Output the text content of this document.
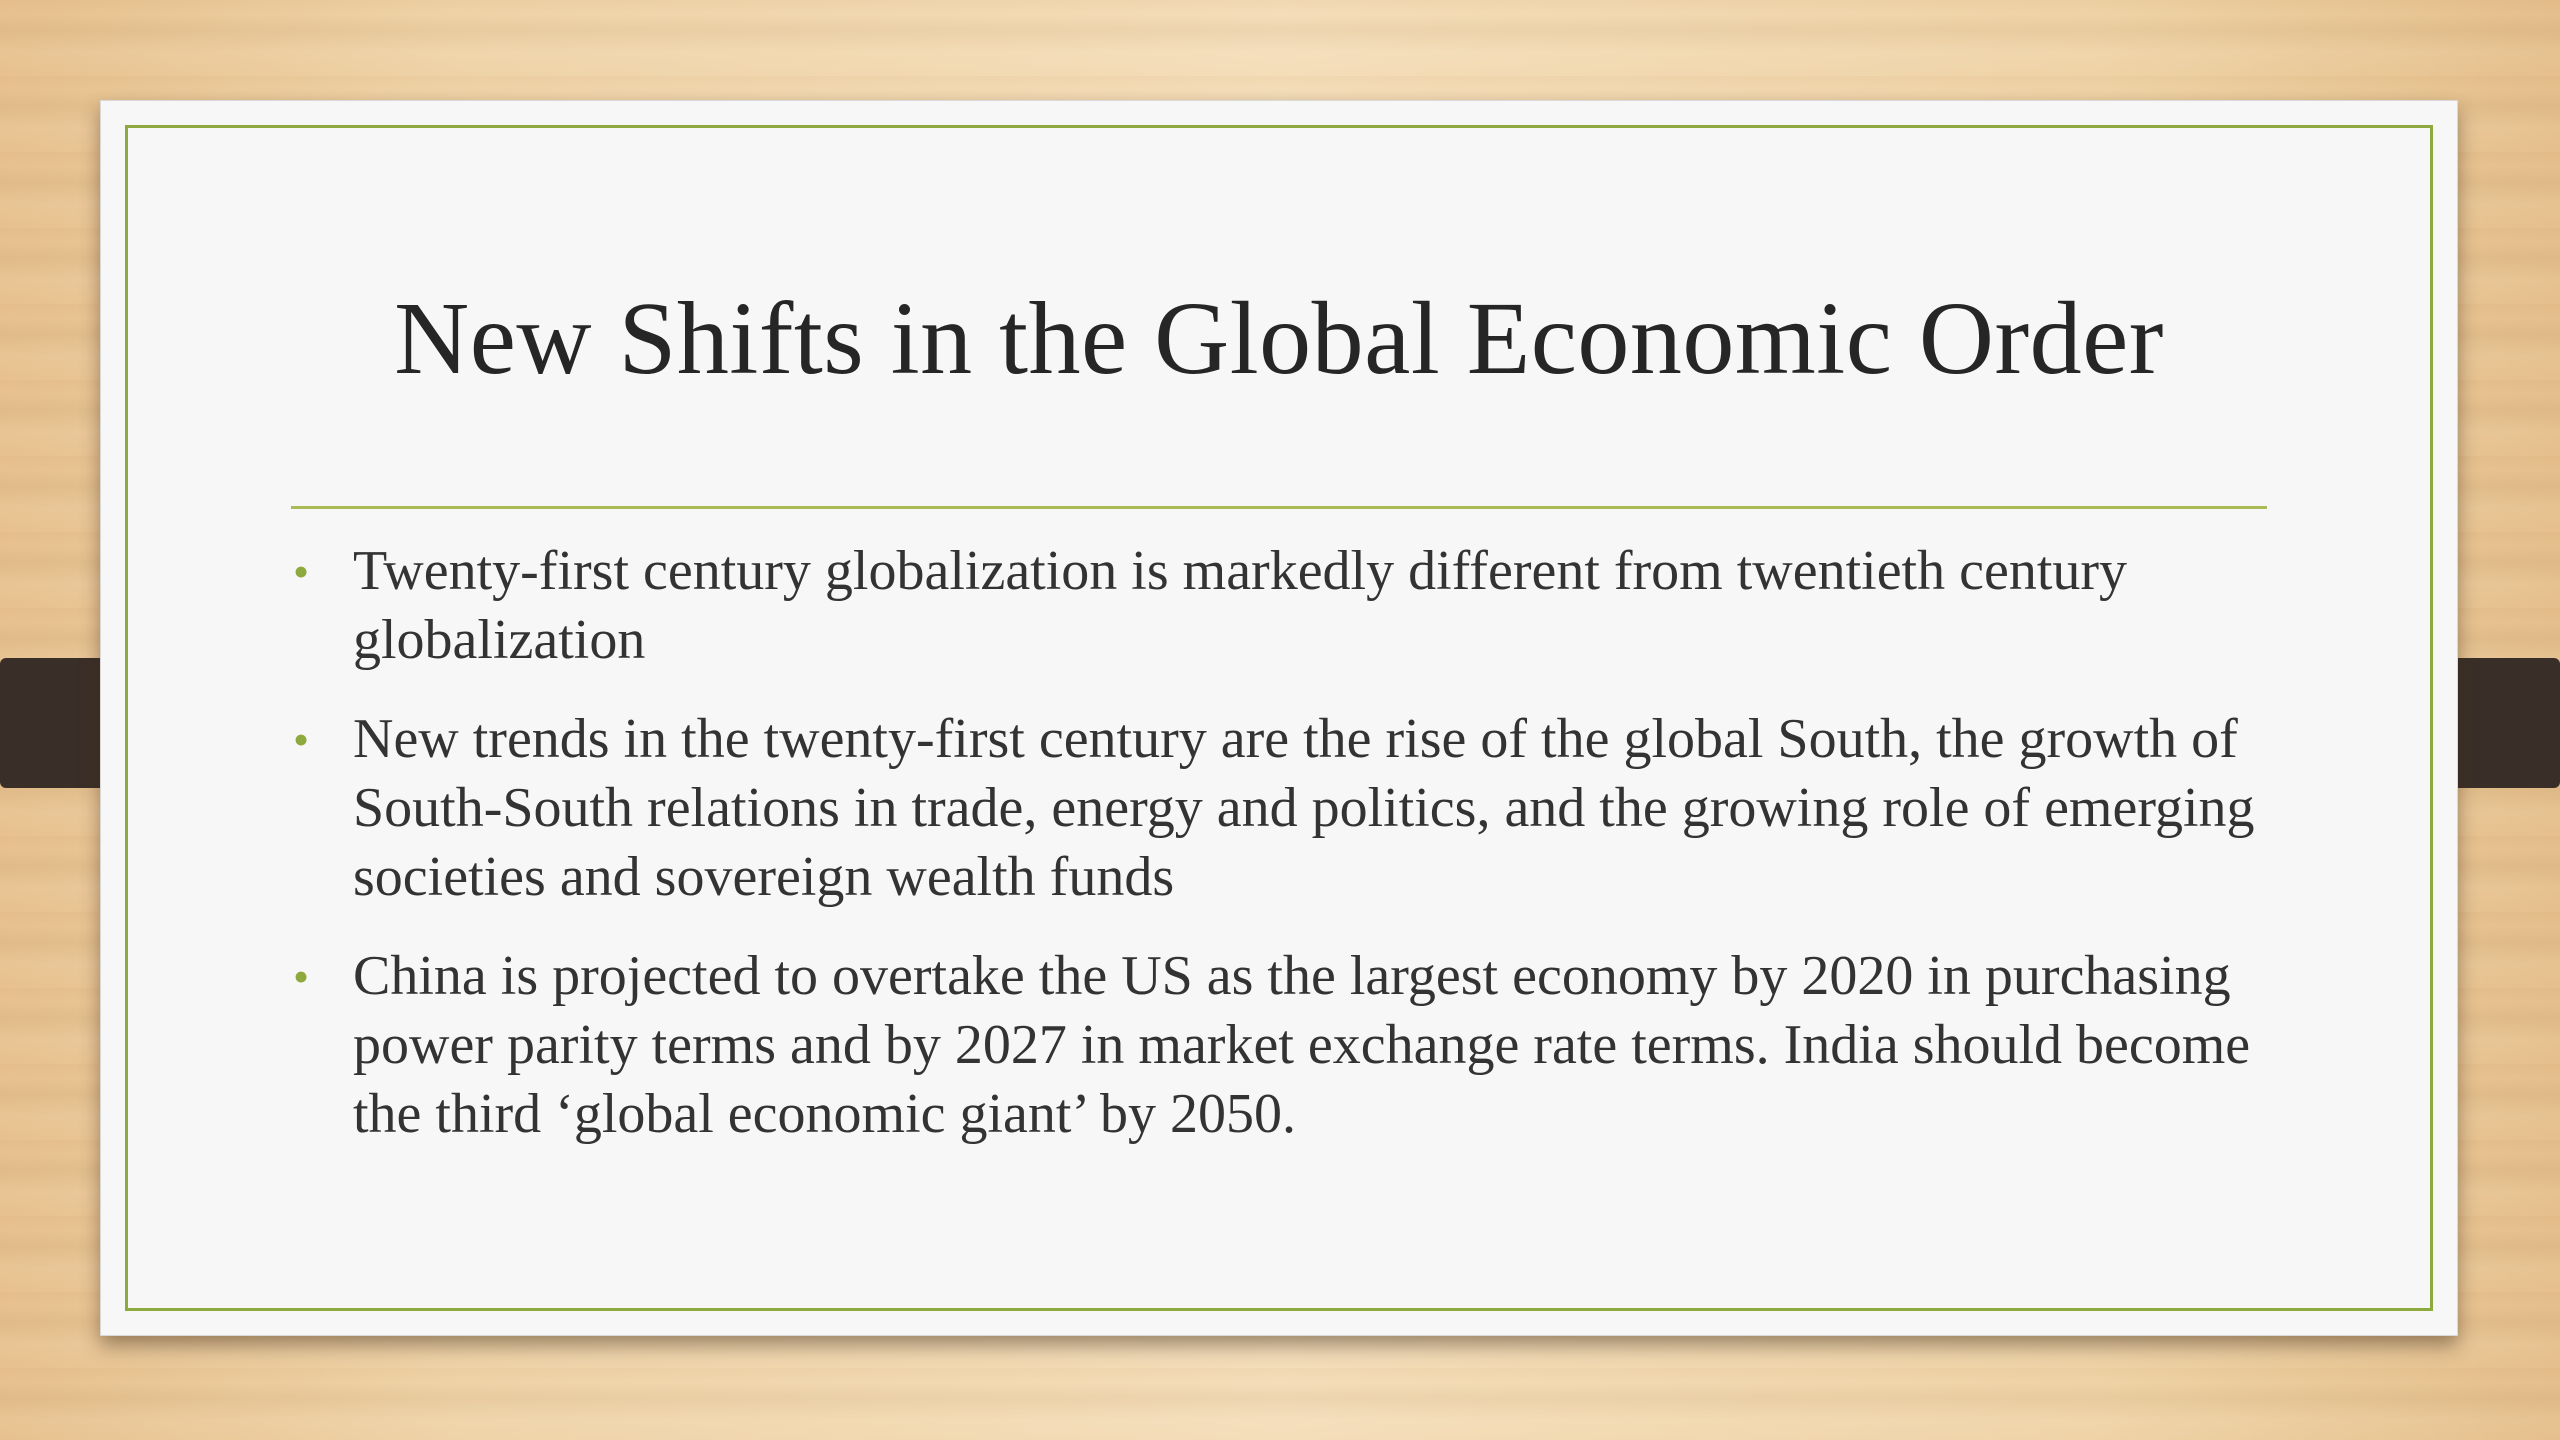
New Shifts in the Global Economic Order
• Twenty-first century globalization is markedly different from twentieth century globalization
• New trends in the twenty-first century are the rise of the global South, the growth of South-South relations in trade, energy and politics, and the growing role of emerging societies and sovereign wealth funds
• China is projected to overtake the US as the largest economy by 2020 in purchasing power parity terms and by 2027 in market exchange rate terms. India should become the third ‘global economic giant’ by 2050.
